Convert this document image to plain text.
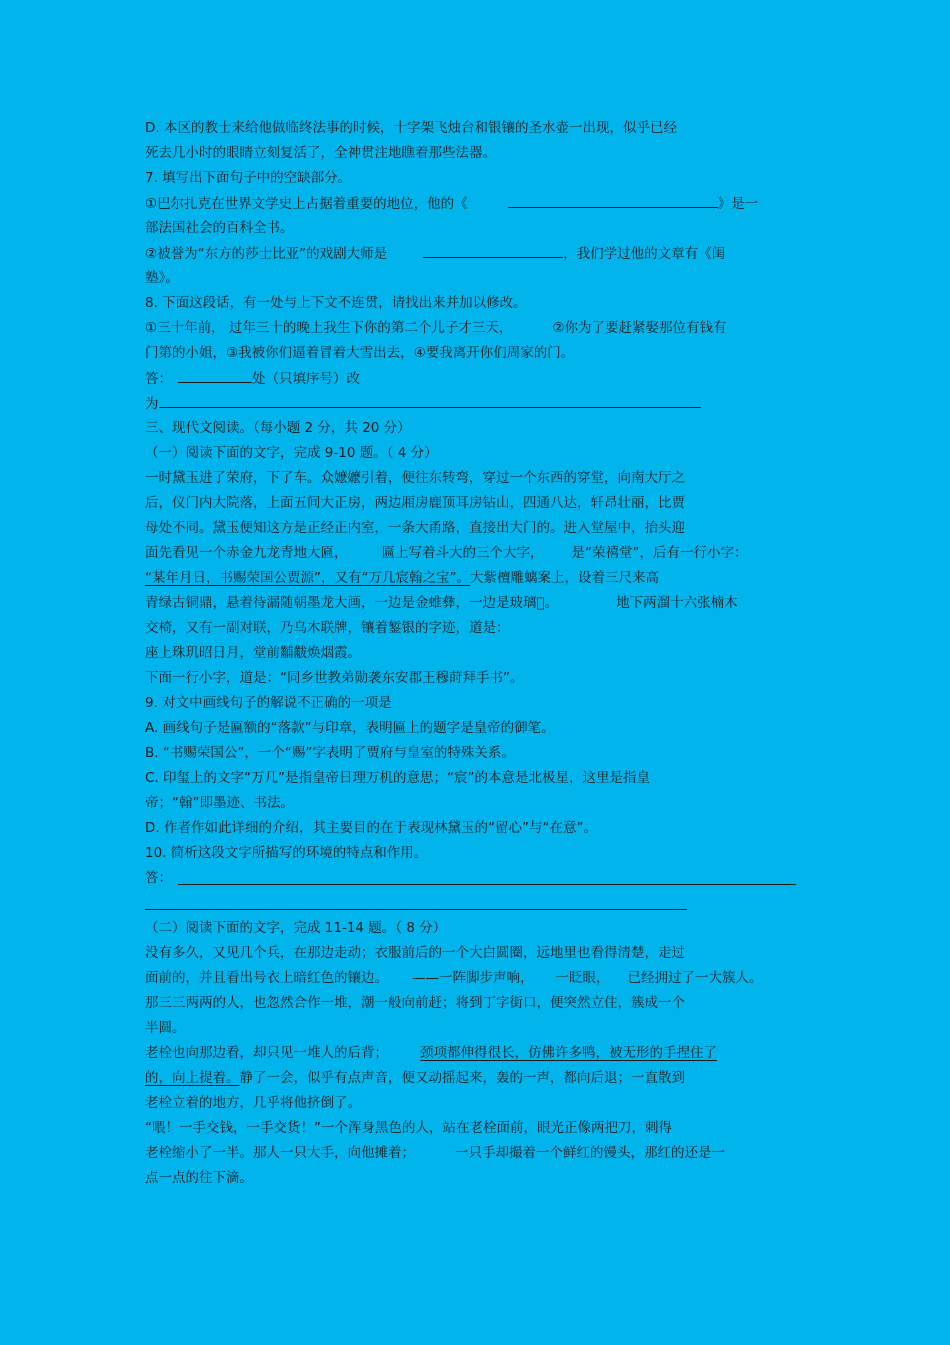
D. 本区的教士来给他做临终法事的时候，十字架飞烛台和银镶的圣水壶一出现，似乎已经
死去几小时的眼睛立刻复活了，全神贯注地瞧着那些法器。
7. 填写出下面句子中的空缺部分。
①巴尔扎克在世界文学史上占据着重要的地位，他的《	》是一
部法国社会的百科全书。
②被誉为“东方的莎士比亚”的戏剧大师是	，我们学过他的文章有《闺
塾》。
8. 下面这段话，有一处与上下文不连贯，请找出来并加以修改。
①三十年前， 过年三十的晚上我生下你的第二个儿子才三天，	②你为了要赶紧娶那位有钱有
门第的小姐，③我被你们逼着冒着大雪出去，④要我离开你们周家的门。
答：	处（只填序号）改
为
三、现代文阅读。（每小题 2 分，共 20 分）
（一）阅读下面的文字，完成 9-10 题。（ 4 分）
一时黛玉进了荣府，下了车。众嬷嬷引着，便往东转弯，穿过一个东西的穿堂，向南大厅之
后，仪门内大院落，上面五间大正房，两边厢房鹿顶耳房钻山，四通八达，轩昂壮丽，比贾
母处不同。黛玉便知这方是正经正内室，一条大甬路，直接出大门的。进入堂屋中，抬头迎
面先看见一个赤金九龙青地大匾，	匾上写着斗大的三个大字， 是“荣禧堂”，后有一行小字：
“某年月日，书赐荣国公贾源”，又有“万几宸翰之宝”。大紫檀雕螭案上，设着三尺来高
青绿古铜鼎，悬着待漏随朝墨龙大画，一边是金蜼彝，一边是玻璃𫎏。	地下两溜十六张楠木
交椅，又有一副对联，乃乌木联牌，镶着錾银的字迹，道是：
座上珠玑昭日月，堂前黼黻焕烟霞。
下面一行小字，道是：“同乡世教弟勋袭东安郡王穆莳拜手书”。
9. 对文中画线句子的解说不正确的一项是
A. 画线句子是匾额的“落款”与印章，表明匾上的题字是皇帝的御笔。
B. “书赐荣国公”，一个“赐”字表明了贾府与皇室的特殊关系。
C. 印玺上的文字“万几”是指皇帝日理万机的意思；“宸”的本意是北极星，这里是指皇
帝；“翰”即墨迹、书法。
D. 作者作如此详细的介绍，其主要目的在于表现林黛玉的“留心”与“在意”。
10. 简析这段文字所描写的环境的特点和作用。
答：
（二）阅读下面的文字，完成 11-14 题。（ 8 分）
没有多久，又见几个兵，在那边走动；衣服前后的一个大白圆圈，远地里也看得清楚，走过
面前的，并且看出号衣上暗红色的镶边。 ——一阵脚步声响， 一眨眼， 已经拥过了一大簇人。
那三三两两的人，也忽然合作一堆，潮一般向前赶；将到丁字街口，便突然立住，簇成一个
半圆。
老栓也向那边看，却只见一堆人的后背； 颈项都伸得很长，仿佛许多鸭，被无形的手捏住了
的，向上提着。静了一会，似乎有点声音，便又动摇起来，轰的一声，都向后退；一直散到
老栓立着的地方，几乎将他挤倒了。
“喂！一手交钱，一手交货！”一个浑身黑色的人，站在老栓面前，眼光正像两把刀，刺得
老栓缩小了一半。那人一只大手，向他摊着；	一只手却撮着一个鲜红的馒头，那红的还是一
点一点的往下滴。
